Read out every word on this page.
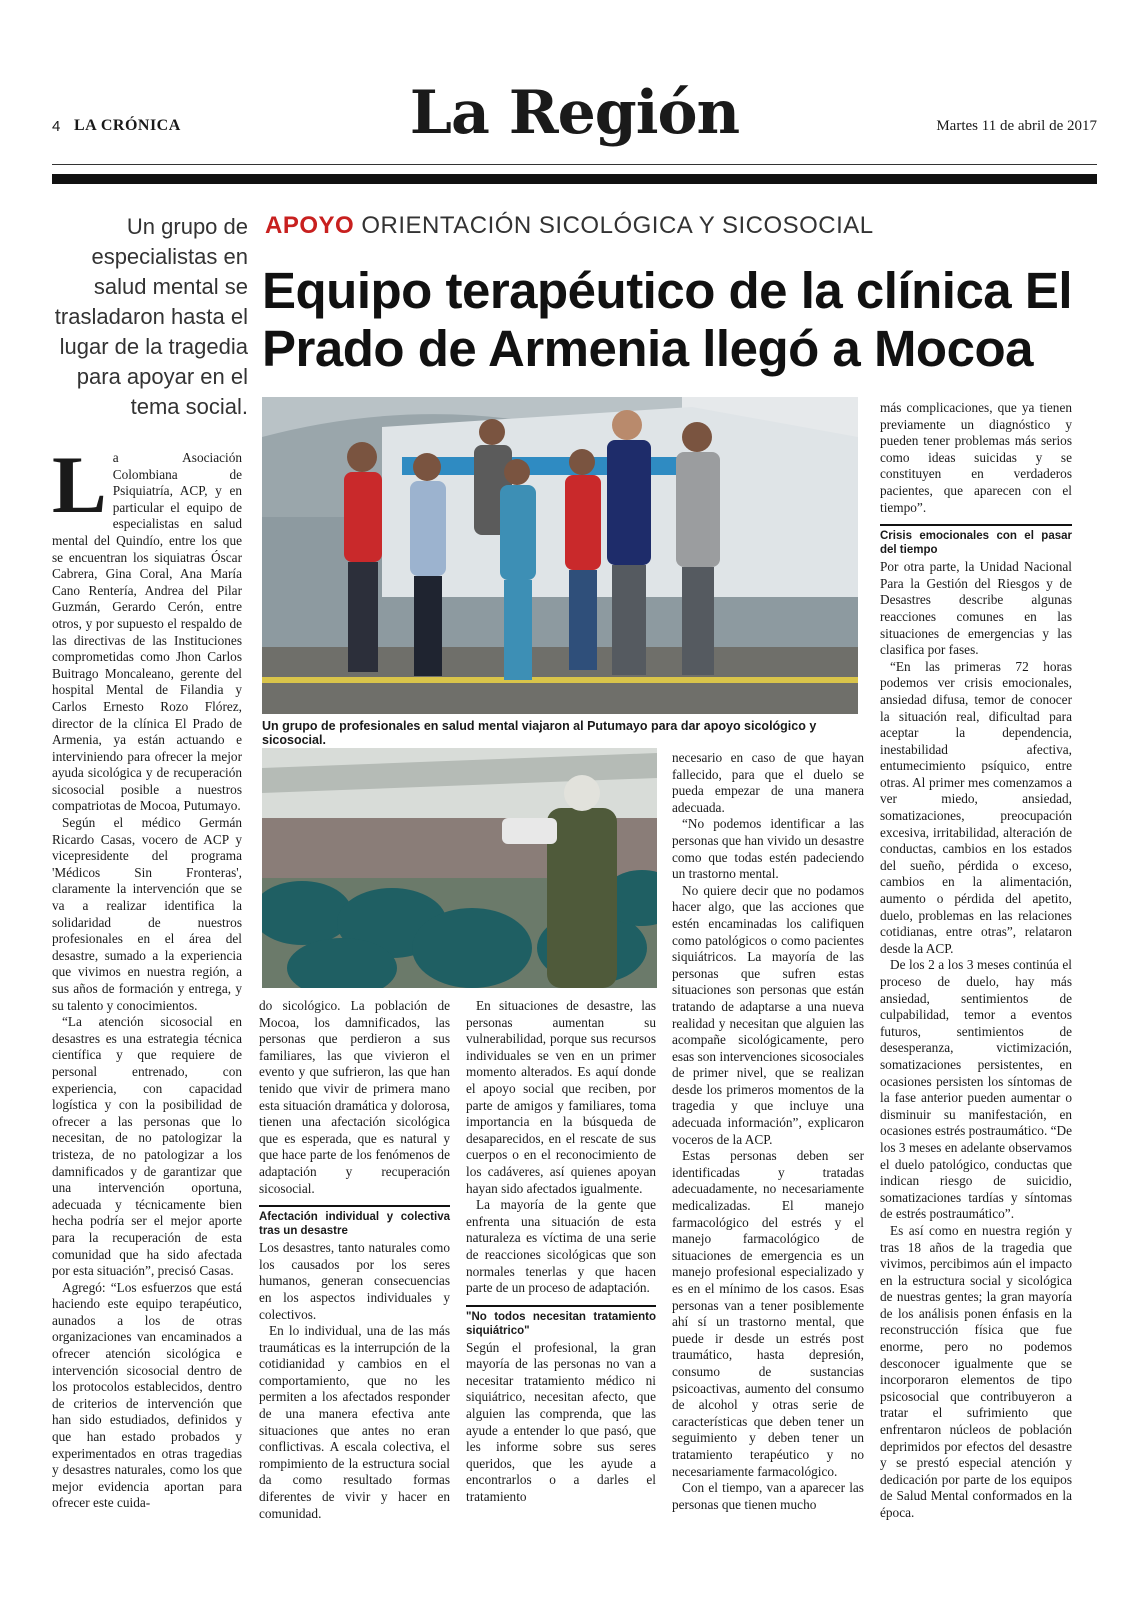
4 LA CRÓNICA	La Región	Martes 11 de abril de 2017
APOYO ORIENTACIÓN SICOLÓGICA Y SICOSOCIAL
Equipo terapéutico de la clínica El
Prado de Armenia llegó a Mocoa
Un grupo de especialistas en salud mental se trasladaron hasta el lugar de la tragedia para apoyar en el tema social.
Un grupo de profesionales en salud mental viajaron al Putumayo para dar apoyo sicológico y sicosocial.
L a Asociación Colombiana de Psiquiatría, ACP, y en particular el equipo de especialistas en salud mental del Quindío, entre los que se encuentran los siquiatras Óscar Cabrera, Gina Coral, Ana María Cano Rentería, Andrea del Pilar Guzmán, Gerardo Cerón, entre otros, y por supuesto el respaldo de las directivas de las Instituciones comprometidas como Jhon Carlos Buitrago Moncaleano, gerente del hospital Mental de Filandia y Carlos Ernesto Rozo Flórez, director de la clínica El Prado de Armenia, ya están actuando e interviniendo para ofrecer la mejor ayuda sicológica y de recuperación sicosocial posible a nuestros compatriotas de Mocoa, Putumayo.

Según el médico Germán Ricardo Casas, vocero de ACP y vicepresidente del programa 'Médicos Sin Fronteras', claramente la intervención que se va a realizar identifica la solidaridad de nuestros profesionales en el área del desastre, sumado a la experiencia que vivimos en nuestra región, a sus años de formación y entrega, y su talento y conocimientos.

“La atención sicosocial en desastres es una estrategia técnica científica y que requiere de personal entrenado, con experiencia, con capacidad logística y con la posibilidad de ofrecer a las personas que lo necesitan, de no patologizar la tristeza, de no patologizar a los damnificados y de garantizar que una intervención oportuna, adecuada y técnicamente bien hecha podría ser el mejor aporte para la recuperación de esta comunidad que ha sido afectada por esta situación”, precisó Casas.

Agregó: “Los esfuerzos que está haciendo este equipo terapéutico, aunados a los de otras organizaciones van encaminados a ofrecer atención sicológica e intervención sicosocial dentro de los protocolos establecidos, dentro de criterios de intervención que han sido estudiados, definidos y que han estado probados y experimentados en otras tragedias y desastres naturales, como los que mejor evidencia aportan para ofrecer este cuida-

do sicológico. La población de Mocoa, los damnificados, las personas que perdieron a sus familiares, las que vivieron el evento y que sufrieron, las que han tenido que vivir de primera mano esta situación dramática y dolorosa, tienen una afectación sicológica que es esperada, que es natural y que hace parte de los fenómenos de adaptación y recuperación sicosocial.

Afectación individual y colectiva tras un desastre

Los desastres, tanto naturales como los causados por los seres humanos, generan consecuencias en los aspectos individuales y colectivos.

En lo individual, una de las más traumáticas es la interrupción de la cotidianidad y cambios en el comportamiento, que no les permiten a los afectados responder de una manera efectiva ante situaciones que antes no eran conflictivas. A escala colectiva, el rompimiento de la estructura social da como resultado formas diferentes de vivir y hacer en comunidad.

En situaciones de desastre, las personas aumentan su vulnerabilidad, porque sus recursos individuales se ven en un primer momento alterados. Es aquí donde el apoyo social que reciben, por parte de amigos y familiares, toma importancia en la búsqueda de desaparecidos, en el rescate de sus cuerpos o en el reconocimiento de los cadáveres, así quienes apoyan hayan sido afectados igualmente.

La mayoría de la gente que enfrenta una situación de esta naturaleza es víctima de una serie de reacciones sicológicas que son normales tenerlas y que hacen parte de un proceso de adaptación.

"No todos necesitan tratamiento siquiátrico"

Según el profesional, la gran mayoría de las personas no van a necesitar tratamiento médico ni siquiátrico, necesitan afecto, que alguien las comprenda, que las ayude a entender lo que pasó, que les informe sobre sus seres queridos, que les ayude a encontrarlos o a darles el tratamiento

necesario en caso de que hayan fallecido, para que el duelo se pueda empezar de una manera adecuada.

“No podemos identificar a las personas que han vivido un desastre como que todas estén padeciendo un trastorno mental.

No quiere decir que no podamos hacer algo, que las acciones que estén encaminadas los califiquen como patológicos o como pacientes siquiátricos. La mayoría de las personas que sufren estas situaciones son personas que están tratando de adaptarse a una nueva realidad y necesitan que alguien las acompañe sicológicamente, pero esas son intervenciones sicosociales de primer nivel, que se realizan desde los primeros momentos de la tragedia y que incluye una adecuada información”, explicaron voceros de la ACP.

Estas personas deben ser identificadas y tratadas adecuadamente, no necesariamente medicalizadas. El manejo farmacológico del estrés y el manejo farmacológico de situaciones de emergencia es un manejo profesional especializado y es en el mínimo de los casos. Esas personas van a tener posiblemente ahí sí un trastorno mental, que puede ir desde un estrés post traumático, hasta depresión, consumo de sustancias psicoactivas, aumento del consumo de alcohol y otras serie de características que deben tener un seguimiento y deben tener un tratamiento terapéutico y no necesariamente farmacológico.

Con el tiempo, van a aparecer las personas que tienen mucho

más complicaciones, que ya tienen previamente un diagnóstico y pueden tener problemas más serios como ideas suicidas y se constituyen en verdaderos pacientes, que aparecen con el tiempo”.

Crisis emocionales con el pasar del tiempo

Por otra parte, la Unidad Nacional Para la Gestión del Riesgos y de Desastres describe algunas reacciones comunes en las situaciones de emergencias y las clasifica por fases.

“En las primeras 72 horas podemos ver crisis emocionales, ansiedad difusa, temor de conocer la situación real, dificultad para aceptar la dependencia, inestabilidad afectiva, entumecimiento psíquico, entre otras. Al primer mes comenzamos a ver miedo, ansiedad, somatizaciones, preocupación excesiva, irritabilidad, alteración de conductas, cambios en los estados del sueño, pérdida o exceso, cambios en la alimentación, aumento o pérdida del apetito, duelo, problemas en las relaciones cotidianas, entre otras”, relataron desde la ACP.

De los 2 a los 3 meses continúa el proceso de duelo, hay más ansiedad, sentimientos de culpabilidad, temor a eventos futuros, sentimientos de desesperanza, victimización, somatizaciones persistentes, en ocasiones persisten los síntomas de la fase anterior pueden aumentar o disminuir su manifestación, en ocasiones estrés postraumático. “De los 3 meses en adelante observamos el duelo patológico, conductas que indican riesgo de suicidio, somatizaciones tardías y síntomas de estrés postraumático”.

Es así como en nuestra región y tras 18 años de la tragedia que vivimos, percibimos aún el impacto en la estructura social y sicológica de nuestras gentes; la gran mayoría de los análisis ponen énfasis en la reconstrucción física que fue enorme, pero no podemos desconocer igualmente que se incorporaron elementos de tipo psicosocial que contribuyeron a tratar el sufrimiento que enfrentaron núcleos de población deprimidos por efectos del desastre y se prestó especial atención y dedicación por parte de los equipos de Salud Mental conformados en la época.
